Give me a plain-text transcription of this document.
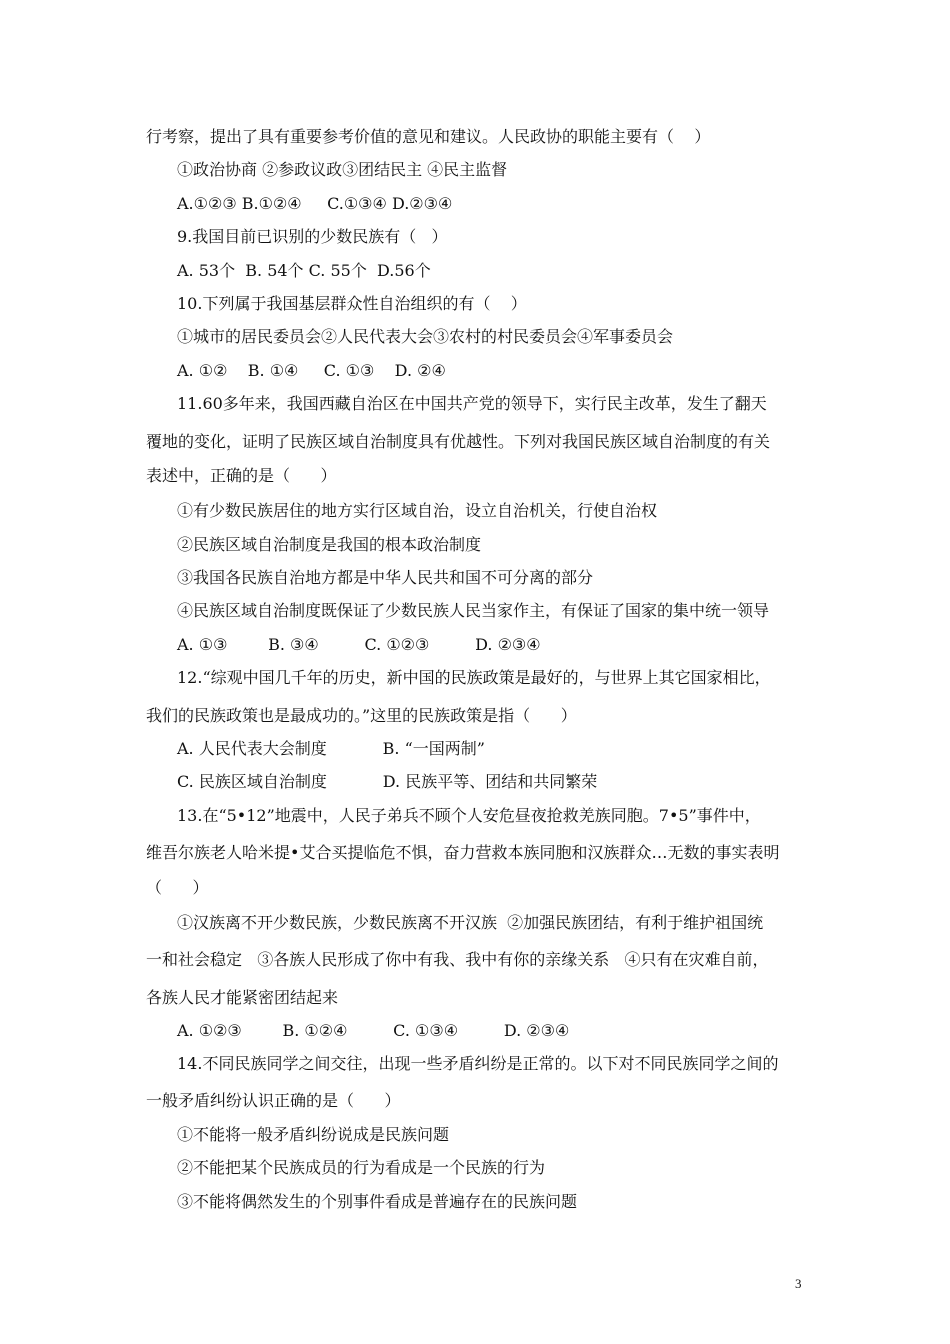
行考察，提出了具有重要参考价值的意见和建议。人民政协的职能主要有（    ）
①政治协商 ②参政议政③团结民主 ④民主监督
A.①②③ B.①②④     C.①③④ D.②③④
9.我国目前已识别的少数民族有（   ）
A. 53个  B. 54个 C. 55个  D.56个
10.下列属于我国基层群众性自治组织的有（    ）
①城市的居民委员会②人民代表大会③农村的村民委员会④军事委员会
A. ①②    B. ①④     C. ①③    D. ②④
11.60多年来，我国西藏自治区在中国共产党的领导下，实行民主改革，发生了翻天
覆地的变化，证明了民族区域自治制度具有优越性。下列对我国民族区域自治制度的有关
表述中，正确的是（      ）
①有少数民族居住的地方实行区域自治，设立自治机关，行使自治权
②民族区域自治制度是我国的根本政治制度
③我国各民族自治地方都是中华人民共和国不可分离的部分
④民族区域自治制度既保证了少数民族人民当家作主，有保证了国家的集中统一领导
A. ①③        B. ③④         C. ①②③         D. ②③④
12.“综观中国几千年的历史，新中国的民族政策是最好的，与世界上其它国家相比，
我们的民族政策也是最成功的。”这里的民族政策是指（      ）
A. 人民代表大会制度           B. “一国两制”
C. 民族区域自治制度           D. 民族平等、团结和共同繁荣
13.在“5•12”地震中，人民子弟兵不顾个人安危昼夜抢救羌族同胞。7•5”事件中，
维吾尔族老人哈米提•艾合买提临危不惧，奋力营救本族同胞和汉族群众…无数的事实表明
（      ）
①汉族离不开少数民族，少数民族离不开汉族  ②加强民族团结，有利于维护祖国统
一和社会稳定   ③各族人民形成了你中有我、我中有你的亲缘关系   ④只有在灾难自前，
各族人民才能紧密团结起来
A. ①②③        B. ①②④         C. ①③④         D. ②③④
14.不同民族同学之间交往，出现一些矛盾纠纷是正常的。以下对不同民族同学之间的
一般矛盾纠纷认识正确的是（      ）
①不能将一般矛盾纠纷说成是民族问题
②不能把某个民族成员的行为看成是一个民族的行为
③不能将偶然发生的个别事件看成是普遍存在的民族问题
3
